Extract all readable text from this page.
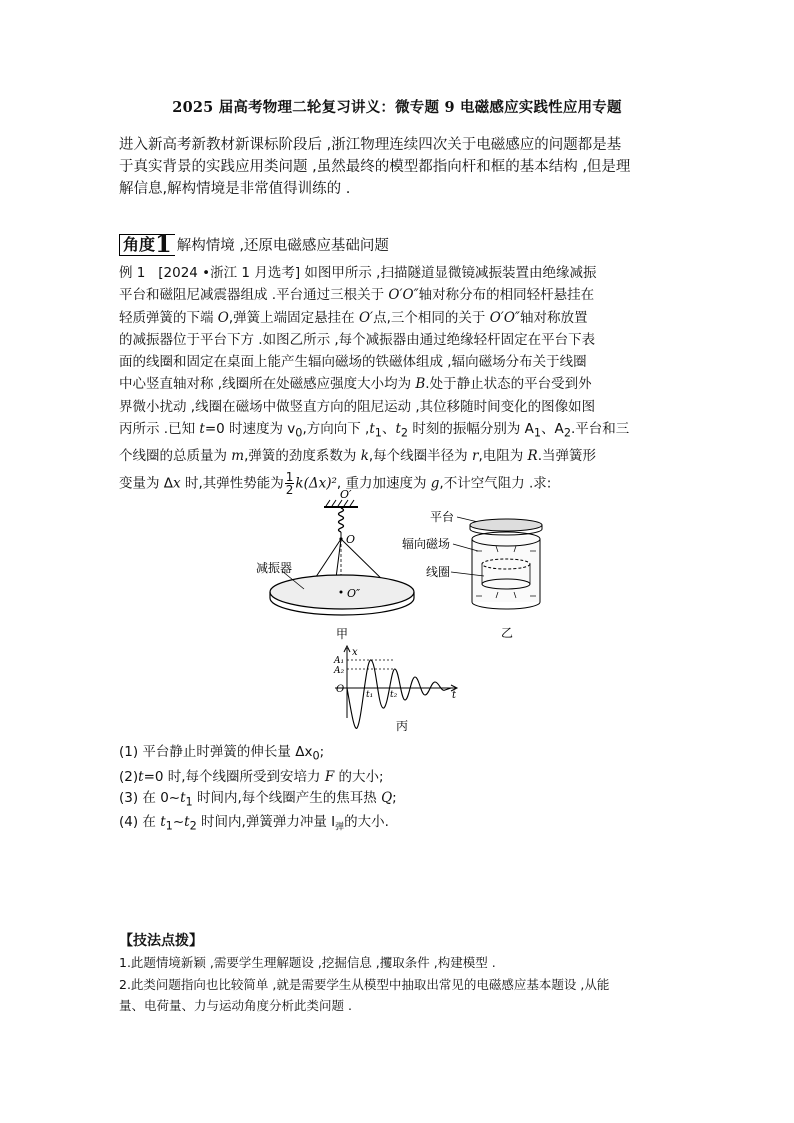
2025 届高考物理二轮复习讲义：微专题 9 电磁感应实践性应用专题

进入新高考新教材新课标阶段后 ,浙江物理连续四次关于电磁感应的问题都是基

于真实背景的实践应用类问题 ,虽然最终的模型都指向杆和框的基本结构 ,但是理

解信息,解构情境是非常值得训练的 .

角度 1 解构情境 ,还原电磁感应基础问题
例 1 [2024 •浙江 1 月选考] 如图甲所示 ,扫描隧道显微镜减振装置由绝缘减振
平台和磁阻尼减震器组成 .平台通过三根关于 O′O″轴对称分布的相同轻杆悬挂在
轻质弹簧的下端 O,弹簧上端固定悬挂在 O′点,三个相同的关于 O′O″轴对称放置
的减振器位于平台下方 .如图乙所示 ,每个减振器由通过绝缘轻杆固定在平台下表
面的线圈和固定在桌面上能产生辐向磁场的铁磁体组成 ,辐向磁场分布关于线圈
中心竖直轴对称 ,线圈所在处磁感应强度大小均为 B.处于静止状态的平台受到外
界微小扰动 ,线圈在磁场中做竖直方向的阻尼运动 ,其位移随时间变化的图像如图
丙所示 .已知 t=0 时速度为 $v_0$,方向向下 $,t_1$、$t_2$ 时刻的振幅分别为 $A_1$、$A_2$.平台和三
个线圈的总质量为 m,弹簧的劲度系数为 k,每个线圈半径为 r,电阻为 R.当弹簧形
变量为 Δx 时,其弹性势能为 $\frac{1}{2} k(\Delta x)^2$, 重力加速度为 g,不计空气阻力 .求:
O′
O
O″
减振器
甲
平台
辐向磁场
线圈
乙
x
A₁
A₂
O t₁ t₂	t
丙
(1) 平台静止时弹簧的伸长量 $\Delta x_0$;
(2)t=0 时,每个线圈所受到安培力 F 的大小;
(3) 在 $0\sim t_1$ 时间内,每个线圈产生的焦耳热 Q;
(4) 在 $t_1\sim t_2$ 时间内,弹簧弹力冲量 $I_弹$的大小.
【技法点拨】
1.此题情境新颖 ,需要学生理解题设 ,挖掘信息 ,攫取条件 ,构建模型 .
2.此类问题指向也比较简单 ,就是需要学生从模型中抽取出常见的电磁感应基本题设 ,从能
量、电荷量、力与运动角度分析此类问题 .
